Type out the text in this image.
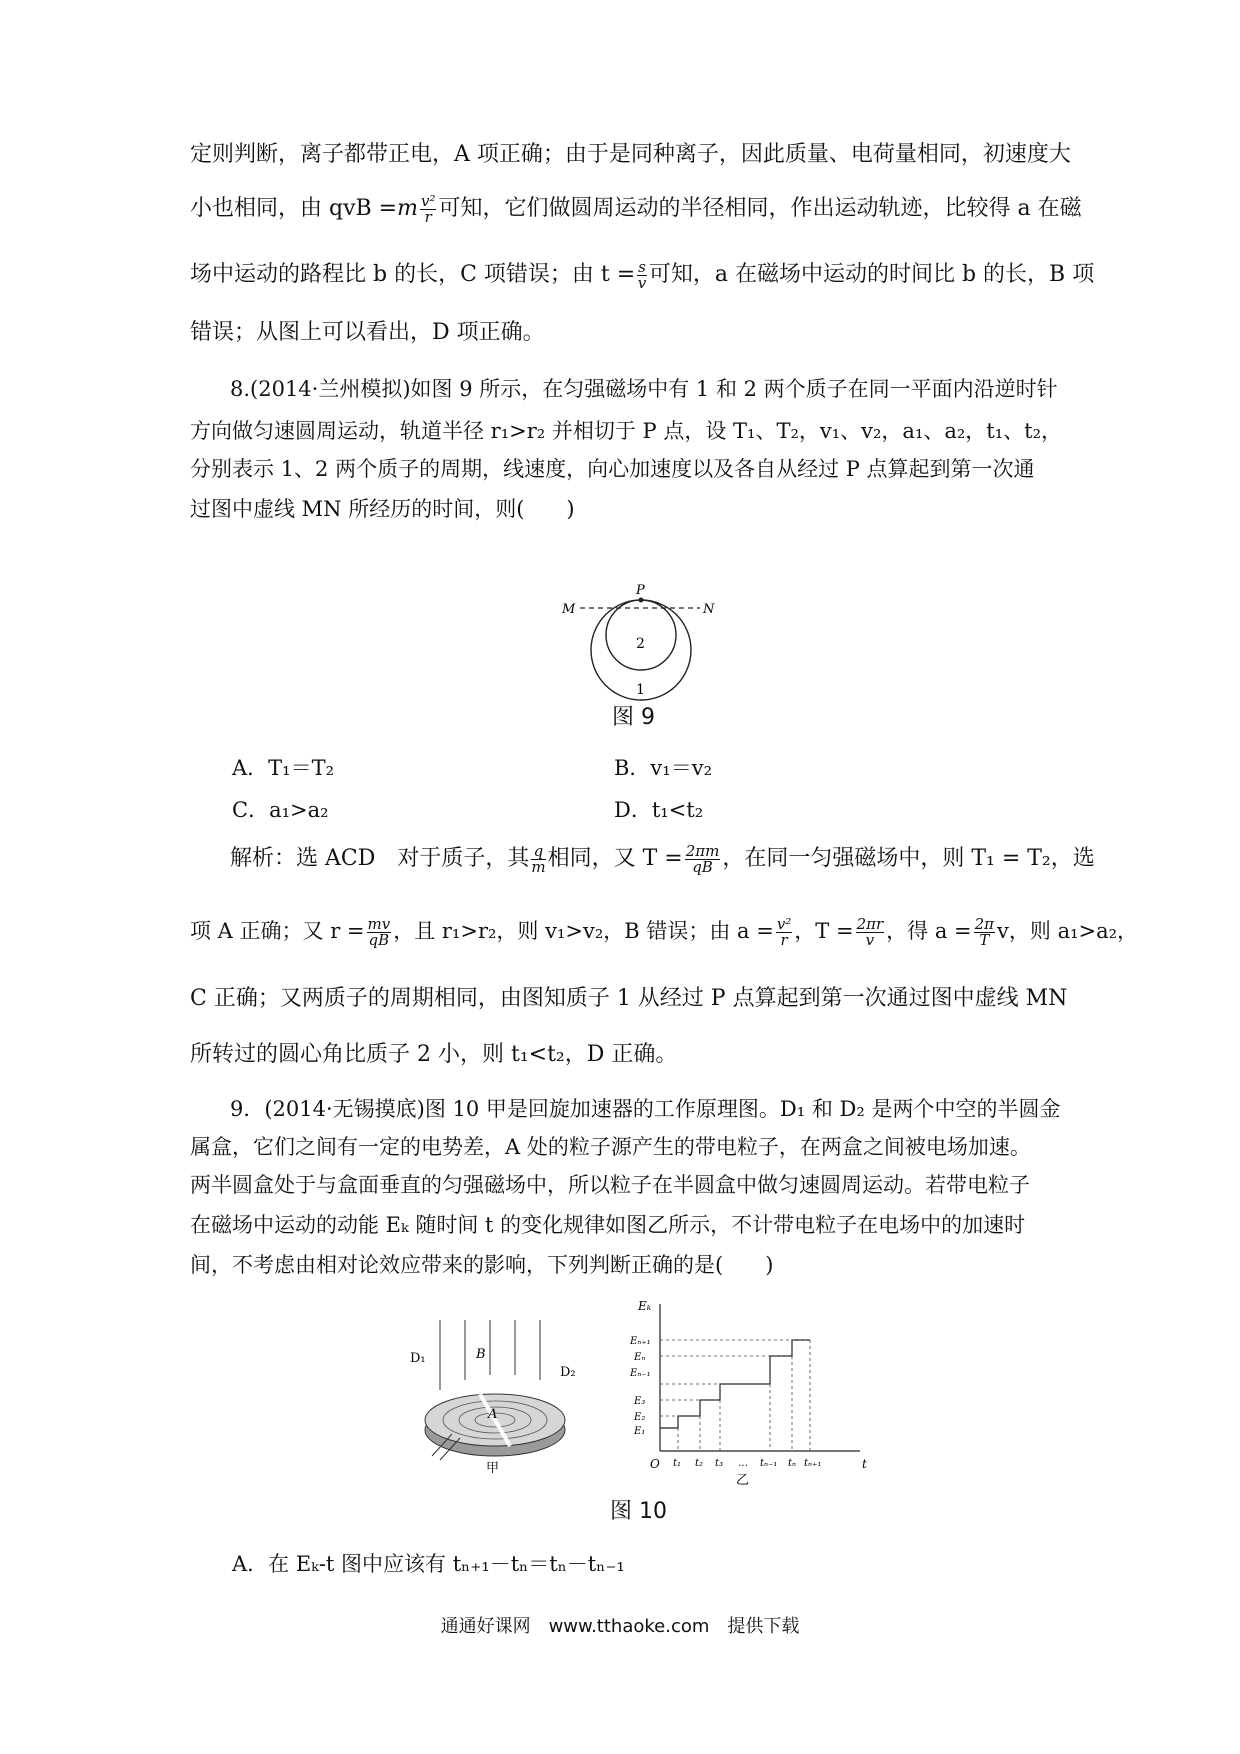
定则判断，离子都带正电，A 项正确；由于是同种离子，因此质量、电荷量相同，初速度大
小也相同，由 qvB $=m \frac{\text{v²}}{r}$ 可知，它们做圆周运动的半径相同，作出运动轨迹，比较得 a 在磁
场中运动的路程比 b 的长，C 项错误；由 $t = \frac{s}{v}$ 可知，a 在磁场中运动的时间比 b 的长，B 项
错误；从图上可以看出，D 项正确。
8.(2014·兰州模拟)如图 9 所示，在匀强磁场中有 1 和 2 两个质子在同一平面内沿逆时针
方向做匀速圆周运动，轨道半径 r₁>r₂ 并相切于 P 点，设 T₁、T₂，v₁、v₂，a₁、a₂，t₁、t₂，
分别表示 1、2 两个质子的周期，线速度，向心加速度以及各自从经过 P 点算起到第一次通
过图中虚线 MN 所经历的时间，则(　　)
P
M	N
2
1
图 9
A．T₁＝T₂	B．v₁＝v₂
C．a₁>a₂	D．t₁<t₂
解析：选 ACD　对于质子，其 $\frac{q}{m}$ 相同，又 $T = \frac{2\pi m}{qB}$ ，在同一匀强磁场中，则 T₁ = T₂，选
项 A 正确；又 $r = \frac{mv}{qB}$ ，且 r₁>r₂，则 v₁>v₂，B 错误；由 $a = \frac{\text{v²}}{r}$ ，$T = \frac{2\pi r}{v}$ ，得 $a = \frac{2\pi}{T}$ v，则 a₁>a₂，
C 正确；又两质子的周期相同，由图知质子 1 从经过 P 点算起到第一次通过图中虚线 MN
所转过的圆心角比质子 2 小，则 t₁<t₂，D 正确。
9．(2014·无锡摸底)图 10 甲是回旋加速器的工作原理图。D₁ 和 D₂ 是两个中空的半圆金
属盒，它们之间有一定的电势差，A 处的粒子源产生的带电粒子，在两盒之间被电场加速。
两半圆盒处于与盒面垂直的匀强磁场中，所以粒子在半圆盒中做匀速圆周运动。若带电粒子
在磁场中运动的动能 Eₖ 随时间 t 的变化规律如图乙所示，不计带电粒子在电场中的加速时
间，不考虑由相对论效应带来的影响，下列判断正确的是(　　)
D₁
D₂
B
A
甲
Eₖ
t
O
Eₙ₊₁
Eₙ
Eₙ₋₁
E₃
E₂
E₁
t₁ t₂ t₃ … tₙ₋₁ tₙ tₙ₊₁
乙
图 10
A．在 Eₖ-t 图中应该有 tₙ₊₁－tₙ＝tₙ－tₙ₋₁
通通好课网　www.tthaoke.com　提供下载
